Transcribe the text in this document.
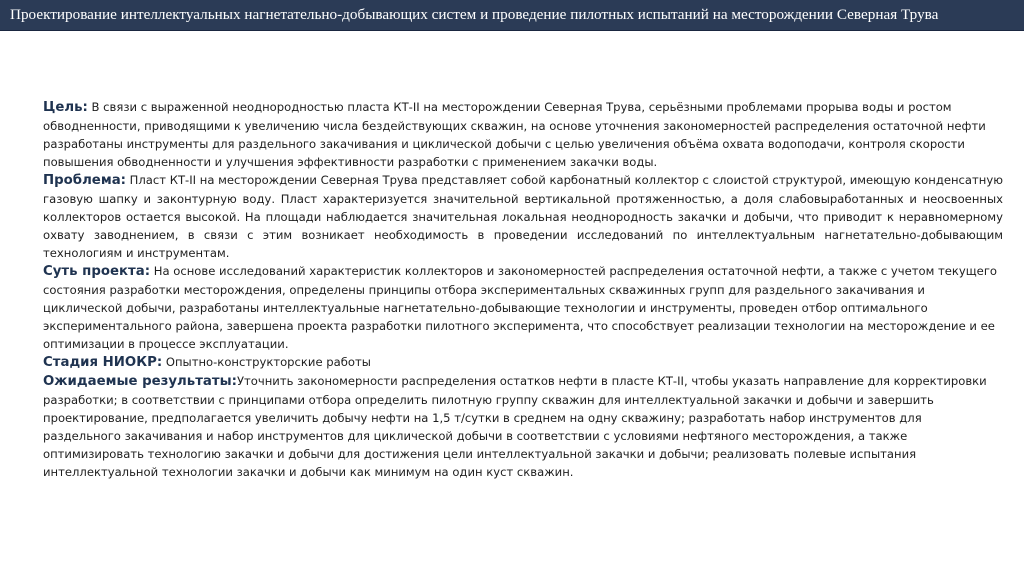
Проектирование интеллектуальных нагнетательно-добывающих систем и проведение пилотных испытаний на месторождении Северная Трува

Цель: В связи с выраженной неоднородностью пласта КТ-II на месторождении Северная Трува, серьёзными проблемами прорыва воды и ростом обводненности, приводящими к увеличению числа бездействующих скважин, на основе уточнения закономерностей распределения остаточной нефти разработаны инструменты для раздельного закачивания и циклической добычи с целью увеличения объёма охвата водоподачи, контроля скорости повышения обводненности и улучшения эффективности разработки с применением закачки воды.

Проблема: Пласт КТ-II на месторождении Северная Трува представляет собой карбонатный коллектор с слоистой структурой, имеющую конденсатную газовую шапку и законтурную воду. Пласт характеризуется значительной вертикальной протяженностью, а доля слабовыработанных и неосвоенных коллекторов остается высокой. На площади наблюдается значительная локальная неоднородность закачки и добычи, что приводит к неравномерному охвату заводнением, в связи с этим возникает необходимость в проведении исследований по интеллектуальным нагнетательно-добывающим технологиям и инструментам.

Суть проекта: На основе исследований характеристик коллекторов и закономерностей распределения остаточной нефти, а также с учетом текущего состояния разработки месторождения, определены принципы отбора экспериментальных скважинных групп для раздельного закачивания и циклической добычи, разработаны интеллектуальные нагнетательно-добывающие технологии и инструменты, проведен отбор оптимального экспериментального района, завершена проекта разработки пилотного эксперимента, что способствует реализации технологии на месторождение и ее оптимизации в процессе эксплуатации.

Стадия НИОКР: Опытно-конструкторские работы

Ожидаемые результаты:Уточнить закономерности распределения остатков нефти в пласте КТ-II, чтобы указать направление для корректировки разработки; в соответствии с принципами отбора определить пилотную группу скважин для интеллектуальной закачки и добычи и завершить проектирование, предполагается увеличить добычу нефти на 1,5 т/сутки в среднем на одну скважину; разработать набор инструментов для раздельного закачивания и набор инструментов для циклической добычи в соответствии с условиями нефтяного месторождения, а также оптимизировать технологию закачки и добычи для достижения цели интеллектуальной закачки и добычи; реализовать полевые испытания интеллектуальной технологии закачки и добычи как минимум на один куст скважин.
